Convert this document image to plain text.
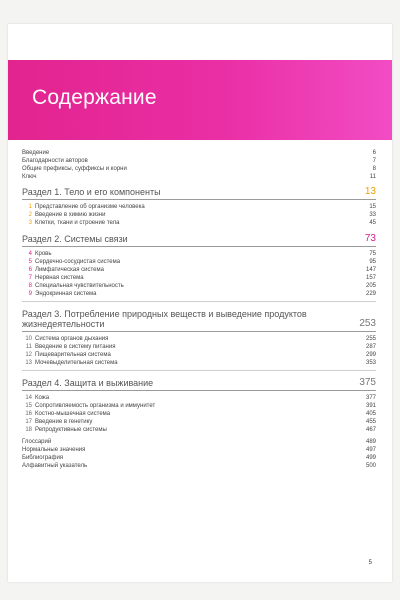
Содержание
Введение	6
Благодарности авторов	7
Общие префиксы, суффиксы и корни	8
Ключ	11
Раздел 1. Тело и его компоненты	13
1 Представление об организме человека	15
2 Введение в химию жизни	33
3 Клетки, ткани и строение тела	45
Раздел 2. Системы связи	73
4 Кровь	75
5 Сердечно-сосудистая система	95
6 Лимфатическая система	147
7 Нервная система	157
8 Специальная чувствительность	205
9 Эндокринная система	229
Раздел 3. Потребление природных веществ и выведение продуктов жизнедеятельности	253
10 Система органов дыхания	255
11 Введение в систему питания	287
12 Пищеварительная система	299
13 Мочевыделительная система	353
Раздел 4. Защита и выживание	375
14 Кожа	377
15 Сопротивляемость организма и иммунитет	391
16 Костно-мышечная система	405
17 Введение в генетику	455
18 Репродуктивные системы	467
Глоссарий	489
Нормальные значения	497
Библиография	499
Алфавитный указатель	500
5
